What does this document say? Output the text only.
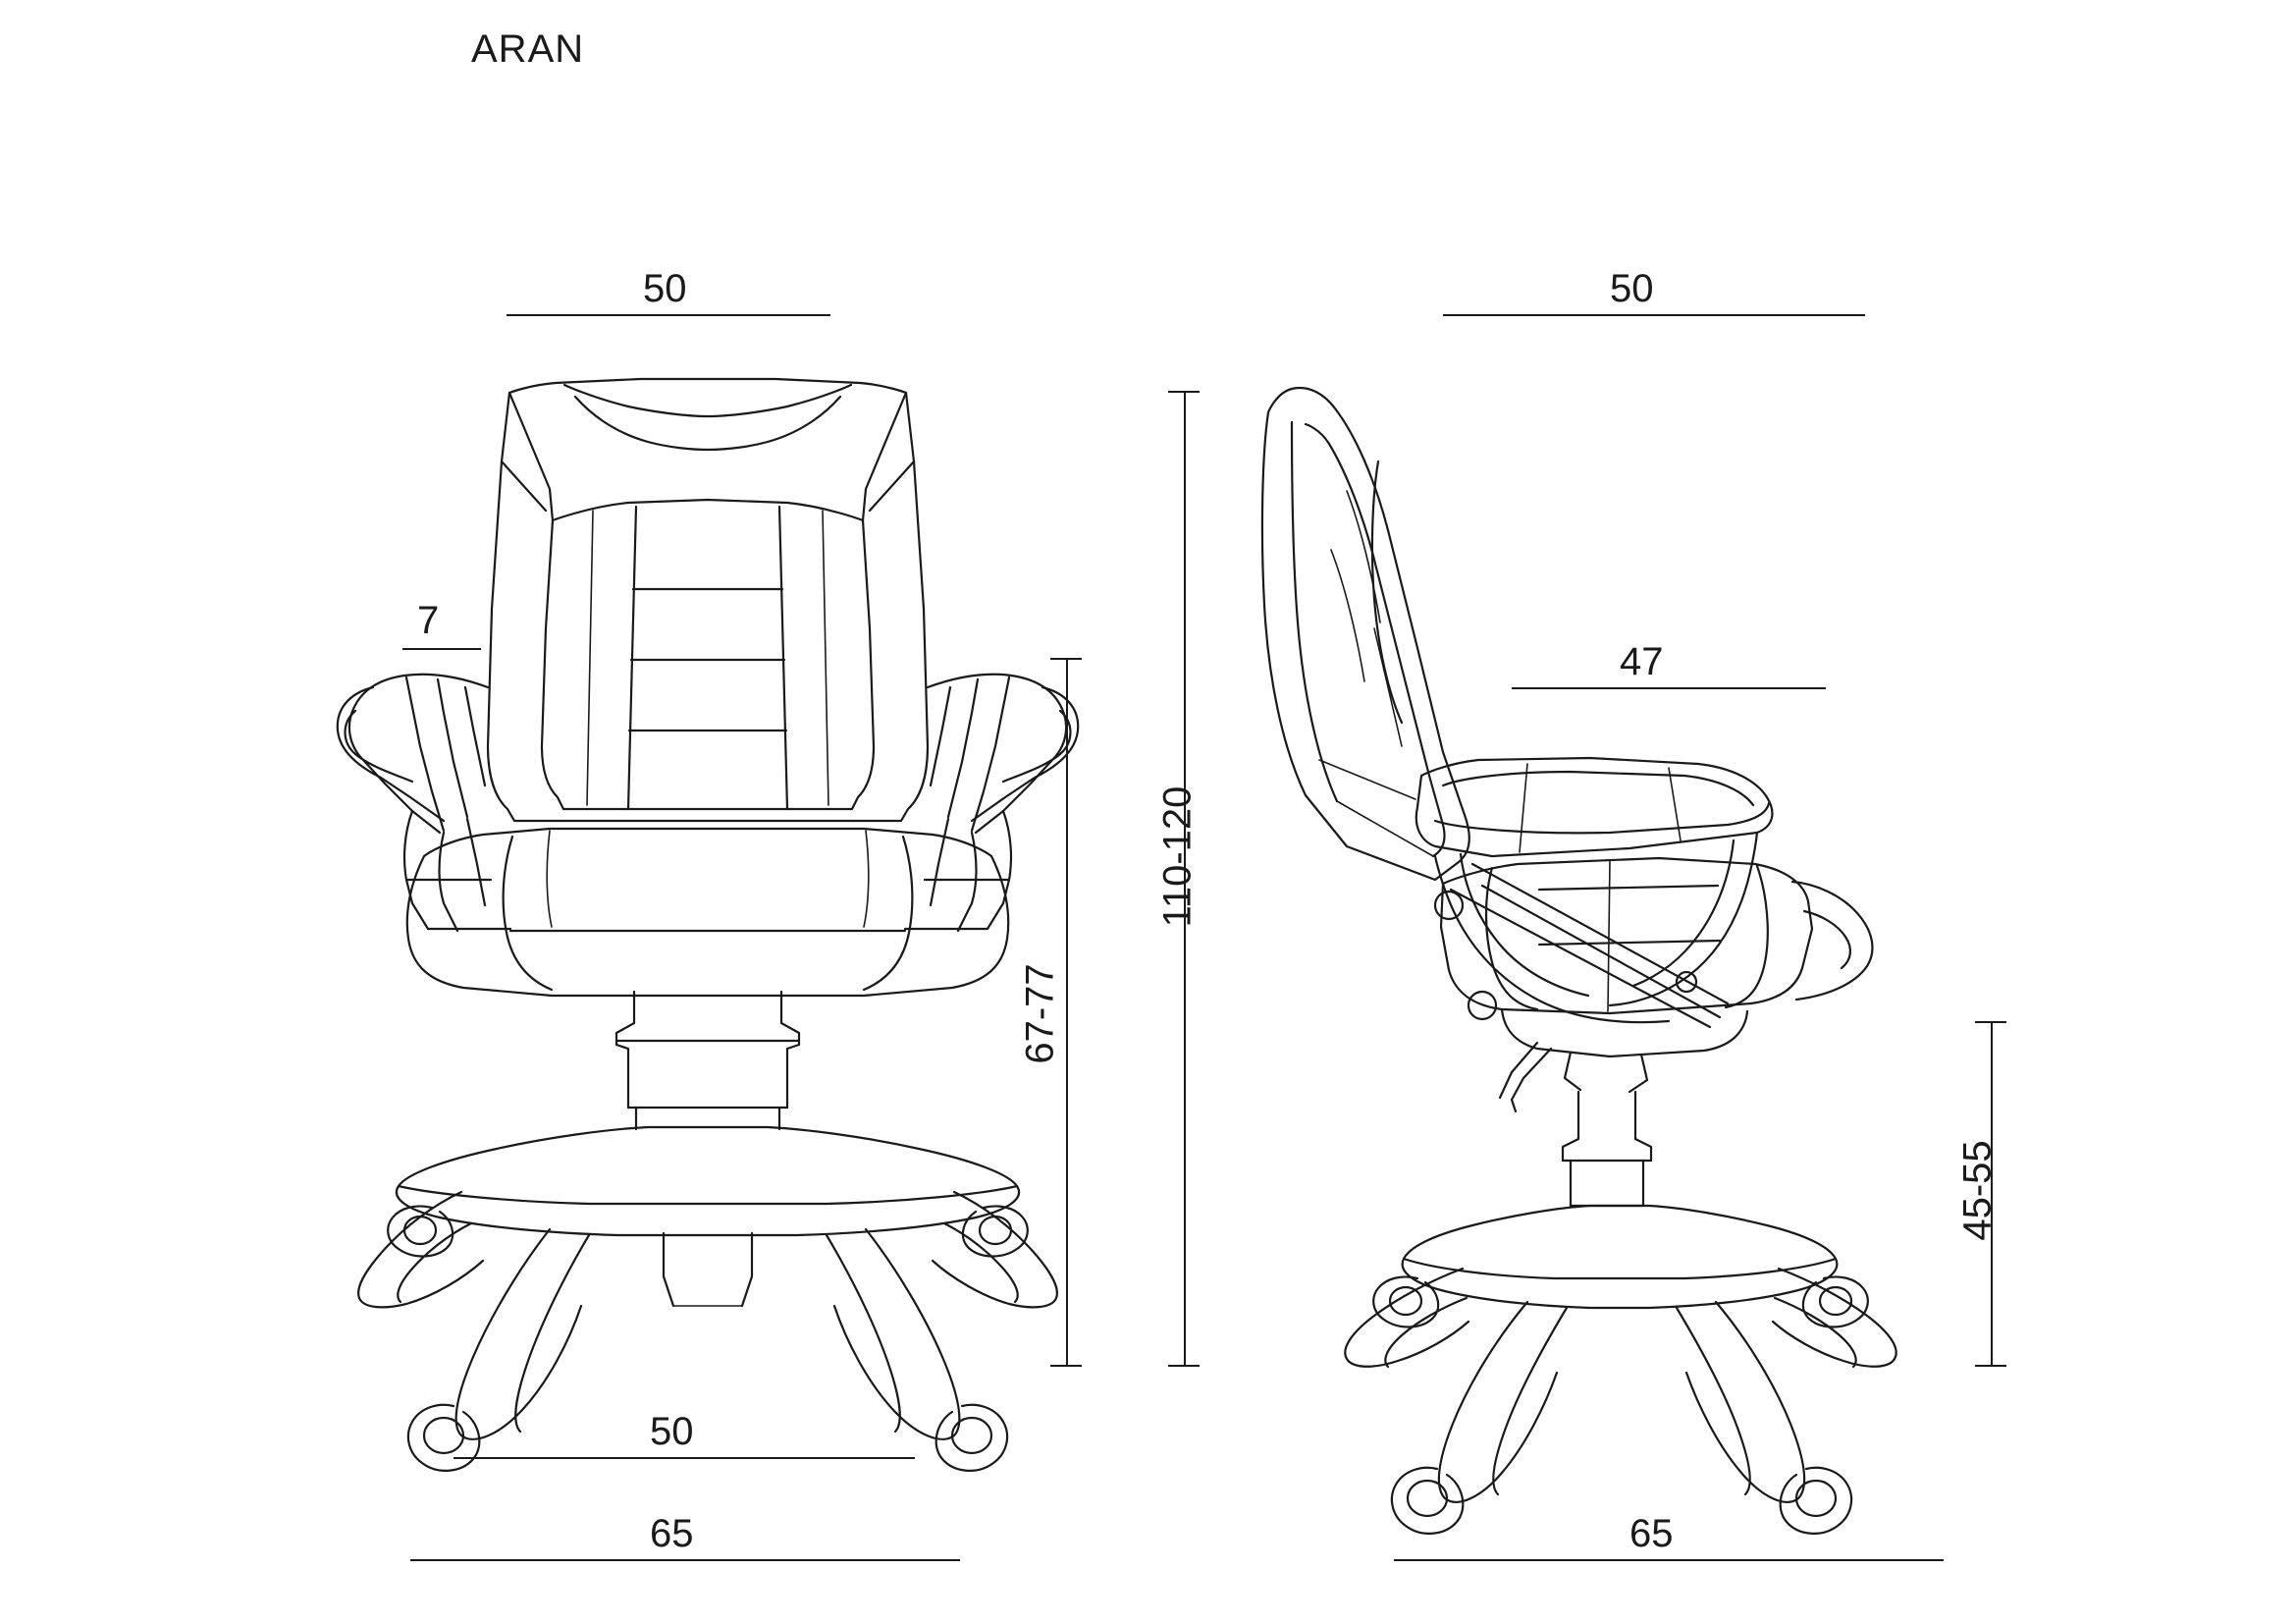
ARAN
50
7
50
65
50
47
65
110-120
67-77
45-55
